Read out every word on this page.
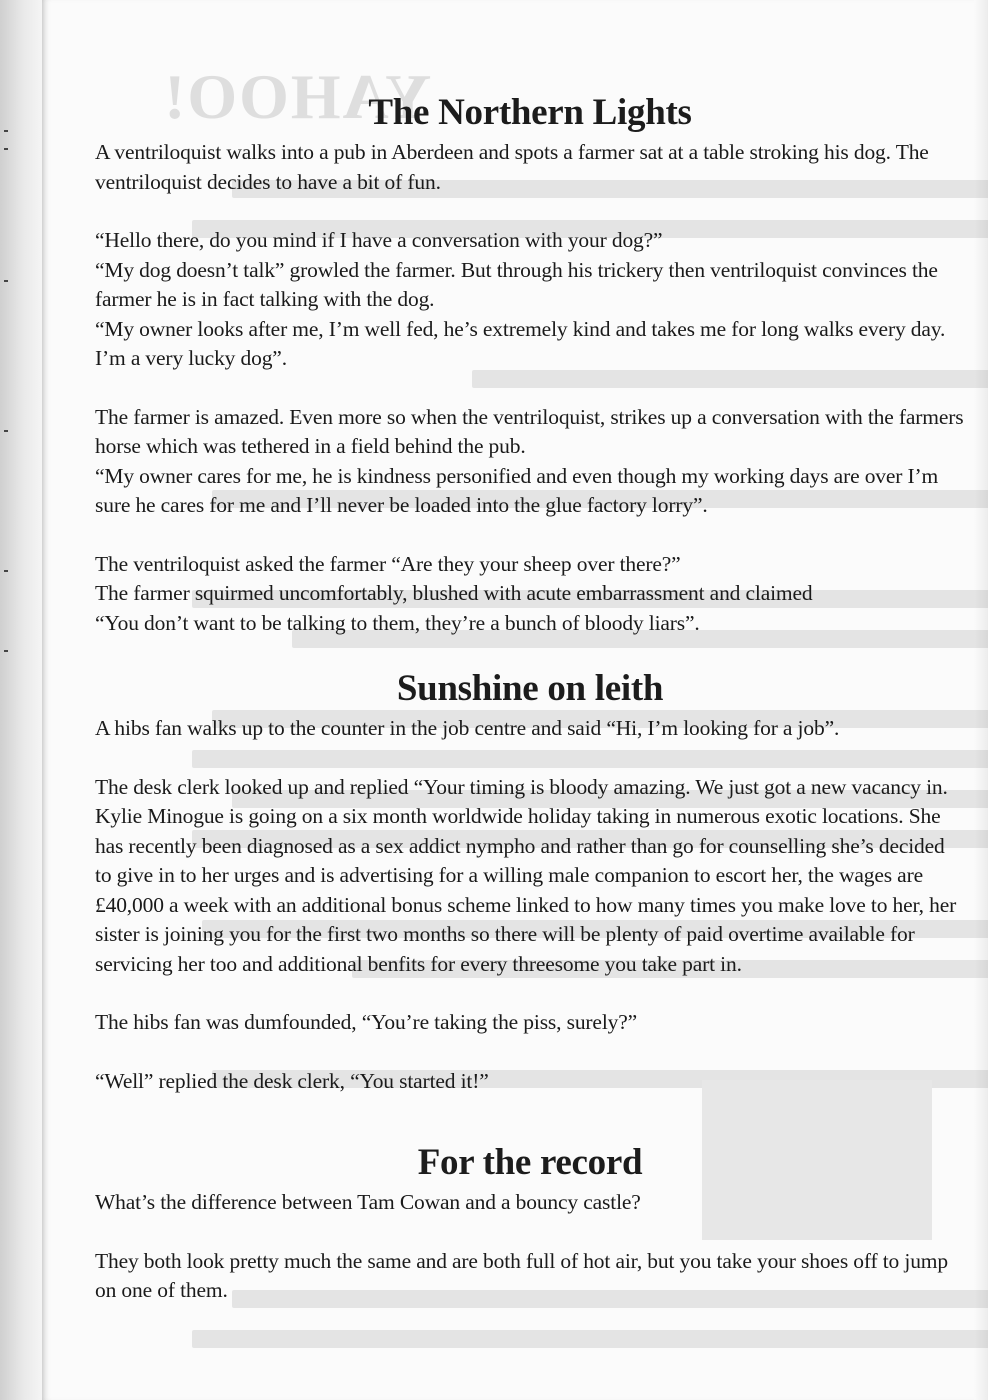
YAHOO!
The Northern Lights

A ventriloquist walks into a pub in Aberdeen and spots a farmer sat at a table stroking his dog. The ventriloquist decides to have a bit of fun.

“Hello there, do you mind if I have a conversation with your dog?”

“My dog doesn’t talk” growled the farmer. But through his trickery then ventriloquist convinces the farmer he is in fact talking with the dog.

“My owner looks after me, I’m well fed, he’s extremely kind and takes me for long walks every day. I’m a very lucky dog”.

The farmer is amazed. Even more so when the ventriloquist, strikes up a conversation with the farmers horse which was tethered in a field behind the pub.

“My owner cares for me, he is kindness personified and even though my working days are over I’m sure he cares for me and I’ll never be loaded into the glue factory lorry”.

The ventriloquist asked the farmer “Are they your sheep over there?”

The farmer squirmed uncomfortably, blushed with acute embarrassment and claimed

“You don’t want to be talking to them, they’re a bunch of bloody liars”.

Sunshine on leith

A hibs fan walks up to the counter in the job centre and said “Hi, I’m looking for a job”.

The desk clerk looked up and replied “Your timing is bloody amazing. We just got a new vacancy in. Kylie Minogue is going on a six month worldwide holiday taking in numerous exotic locations. She has recently been diagnosed as a sex addict nympho and rather than go for counselling she’s decided to give in to her urges and is advertising for a willing male companion to escort her, the wages are £40,000 a week with an additional bonus scheme linked to how many times you make love to her, her sister is joining you for the first two months so there will be plenty of paid overtime available for servicing her too and additional benfits for every threesome you take part in.

The hibs fan was dumfounded, “You’re taking the piss, surely?”

“Well” replied the desk clerk, “You started it!”

For the record

What’s the difference between Tam Cowan and a bouncy castle?

They both look pretty much the same and are both full of hot air, but you take your shoes off to jump on one of them.
